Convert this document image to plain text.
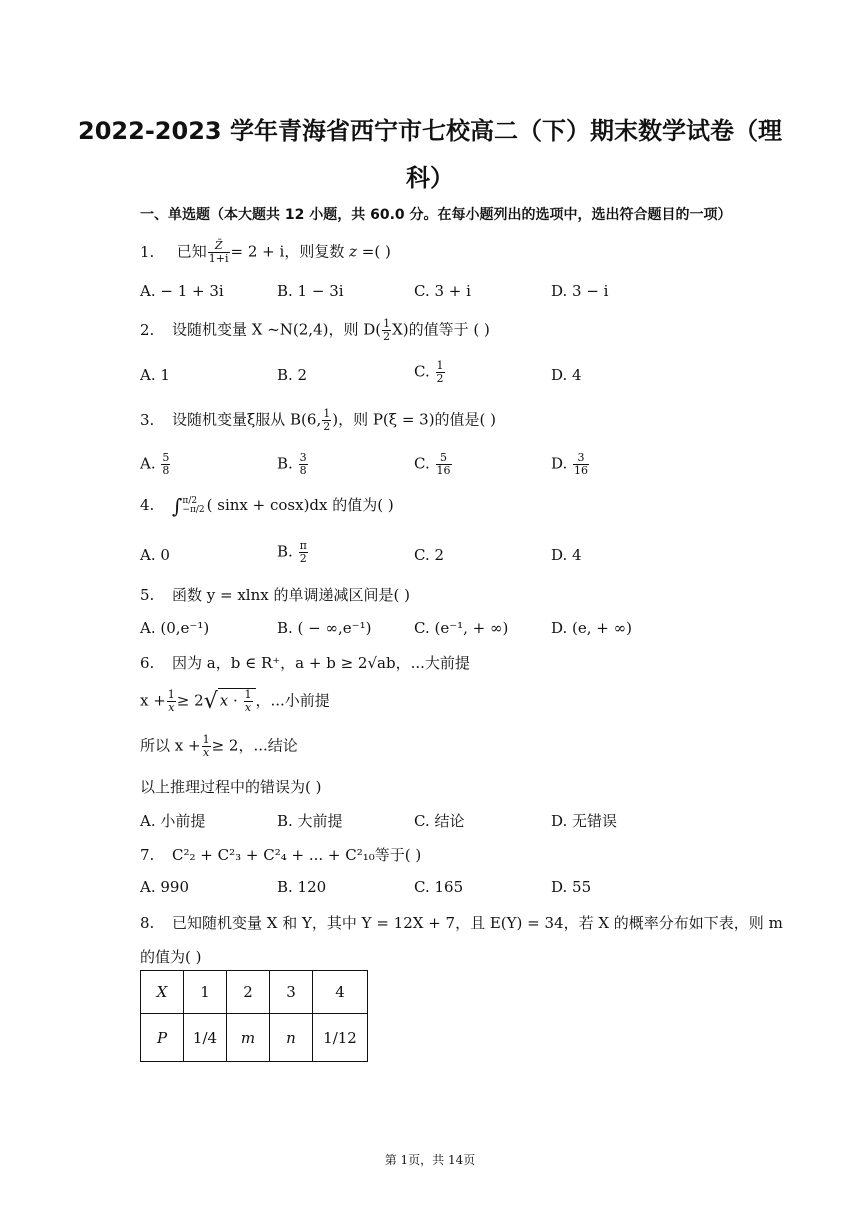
2022-2023 学年青海省西宁市七校高二（下）期末数学试卷（理
科）
一、单选题（本大题共 12 小题，共 60.0 分。在每小题列出的选项中，选出符合题目的一项）
1. 已知 $\frac{Z̄}{1+i} = 2 + i$，则复数 z =( )
A. − 1 + 3i	B. 1 − 3i	C. 3 + i	D. 3 − i
2. 设随机变量 X ~N(2,4)，则 $D( \frac{1}{2} X)$的值等于 ( )
A. 1	B. 2	C. $\frac{1}{2}$	D. 4
3. 设随机变量ξ服从 B(6, $\frac{1}{2}$ )，则 P(ξ = 3)的值是( )
A. $\frac{5}{8}$	B. $\frac{3}{8}$	C. $\frac{5}{16}$	D. $\frac{3}{16}$
4. ∫ π/2
−π/2 ( sinx + cosx)dx 的值为( )
A. 0	B. $\frac{\pi}{2}$	C. 2	D. 4
5. 函数 y = xlnx 的单调递减区间是( )
A. (0,e⁻¹)	B. ( − ∞,e⁻¹)	C. (e⁻¹, + ∞)	D. (e, + ∞)
6. 因为 a，b ∈ R⁺，a + b ≥ 2√ab，...大前提
$x + \frac{1}{x} \ge 2√$ $x \cdot \frac{1}{x}$ ，...小前提
所以 $x + \frac{1}{x} \ge 2$，...结论
以上推理过程中的错误为( )
A. 小前提	B. 大前提	C. 结论	D. 无错误
7. C²₂ + C²₃ + C²₄ + ... + C²₁₀等于( )
A. 990	B. 120	C. 165	D. 55
8. 已知随机变量 X 和 Y，其中 Y = 12X + 7，且 E(Y) = 34，若 X 的概率分布如下表，则 m
的值为( )
X	1	2	3	4
P	1/4	m	n	1/12
第 1页，共 14页
